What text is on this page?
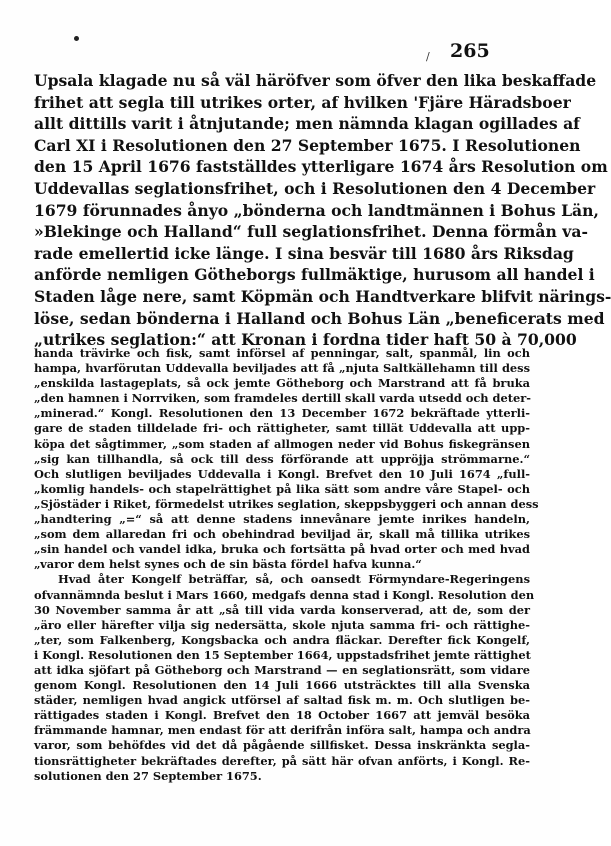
/ 265
Upsala klagade nu så väl häröfver som öfver den lika beskaffade
frihet att segla till utrikes orter, af hvilken 'Fjäre Häradsboer
allt dittills varit i åtnjutande; men nämnda klagan ogillades af
Carl XI i Resolutionen den 27 September 1675. I Resolutionen
den 15 April 1676 fastställdes ytterligare 1674 års Resolution om
Uddevallas seglationsfrihet, och i Resolutionen den 4 December
1679 förunnades ånyo „bönderna och landtmännen i Bohus Län,
»Blekinge och Halland“ full seglationsfrihet. Denna förmån va-
rade emellertid icke länge. I sina besvär till 1680 års Riksdag
anförde nemligen Götheborgs fullmäktige, hurusom all handel i
Staden låge nere, samt Köpmän och Handtverkare blifvit närings-
löse, sedan bönderna i Halland och Bohus Län „beneficerats med
„utrikes seglation:“ att Kronan i fordna tider haft 50 à 70,000
handa trävirke och fisk, samt införsel af penningar, salt, spanmål, lin och
hampa, hvarförutan Uddevalla beviljades att få „njuta Saltkällehamn till dess
„enskilda lastageplats, så ock jemte Götheborg och Marstrand att få bruka
„den hamnen i Norrviken, som framdeles dertill skall varda utsedd och deter-
„minerad.“ Kongl. Resolutionen den 13 December 1672 bekräftade ytterli-
gare de staden tilldelade fri- och rättigheter, samt tillät Uddevalla att upp-
köpa det sågtimmer, „som staden af allmogen neder vid Bohus fiskegränsen
„sig kan tillhandla, så ock till dess förförande att uppröjja strömmarne.“
Och slutligen beviljades Uddevalla i Kongl. Brefvet den 10 Juli 1674 „full-
„komlig handels- och stapelrättighet på lika sätt som andre våre Stapel- och
„Sjöstäder i Riket, förmedelst utrikes seglation, skeppsbyggeri och annan dess
„handtering „=“ så att denne stadens innevånare jemte inrikes handeln,
„som dem allaredan fri och obehindrad beviljad är, skall må tillika utrikes
„sin handel och vandel idka, bruka och fortsätta på hvad orter och med hvad
„varor dem helst synes och de sin bästa fördel hafva kunna.“
Hvad åter Kongelf beträffar, så, och oansedt Förmyndare-Regeringens
ofvannämnda beslut i Mars 1660, medgafs denna stad i Kongl. Resolution den
30 November samma år att „så till vida varda konserverad, att de, som der
„äro eller härefter vilja sig nedersätta, skole njuta samma fri- och rättighe-
„ter, som Falkenberg, Kongsbacka och andra fläckar. Derefter fick Kongelf,
i Kongl. Resolutionen den 15 September 1664, uppstadsfrihet jemte rättighet
att idka sjöfart på Götheborg och Marstrand — en seglationsrätt, som vidare
genom Kongl. Resolutionen den 14 Juli 1666 utsträcktes till alla Svenska
städer, nemligen hvad angick utförsel af saltad fisk m. m. Och slutligen be-
rättigades staden i Kongl. Brefvet den 18 October 1667 att jemväl besöka
främmande hamnar, men endast för att derifrån införa salt, hampa och andra
varor, som behöfdes vid det då pågående sillfisket. Dessa inskränkta segla-
tionsrättigheter bekräftades derefter, på sätt här ofvan anförts, i Kongl. Re-
solutionen den 27 September 1675.
